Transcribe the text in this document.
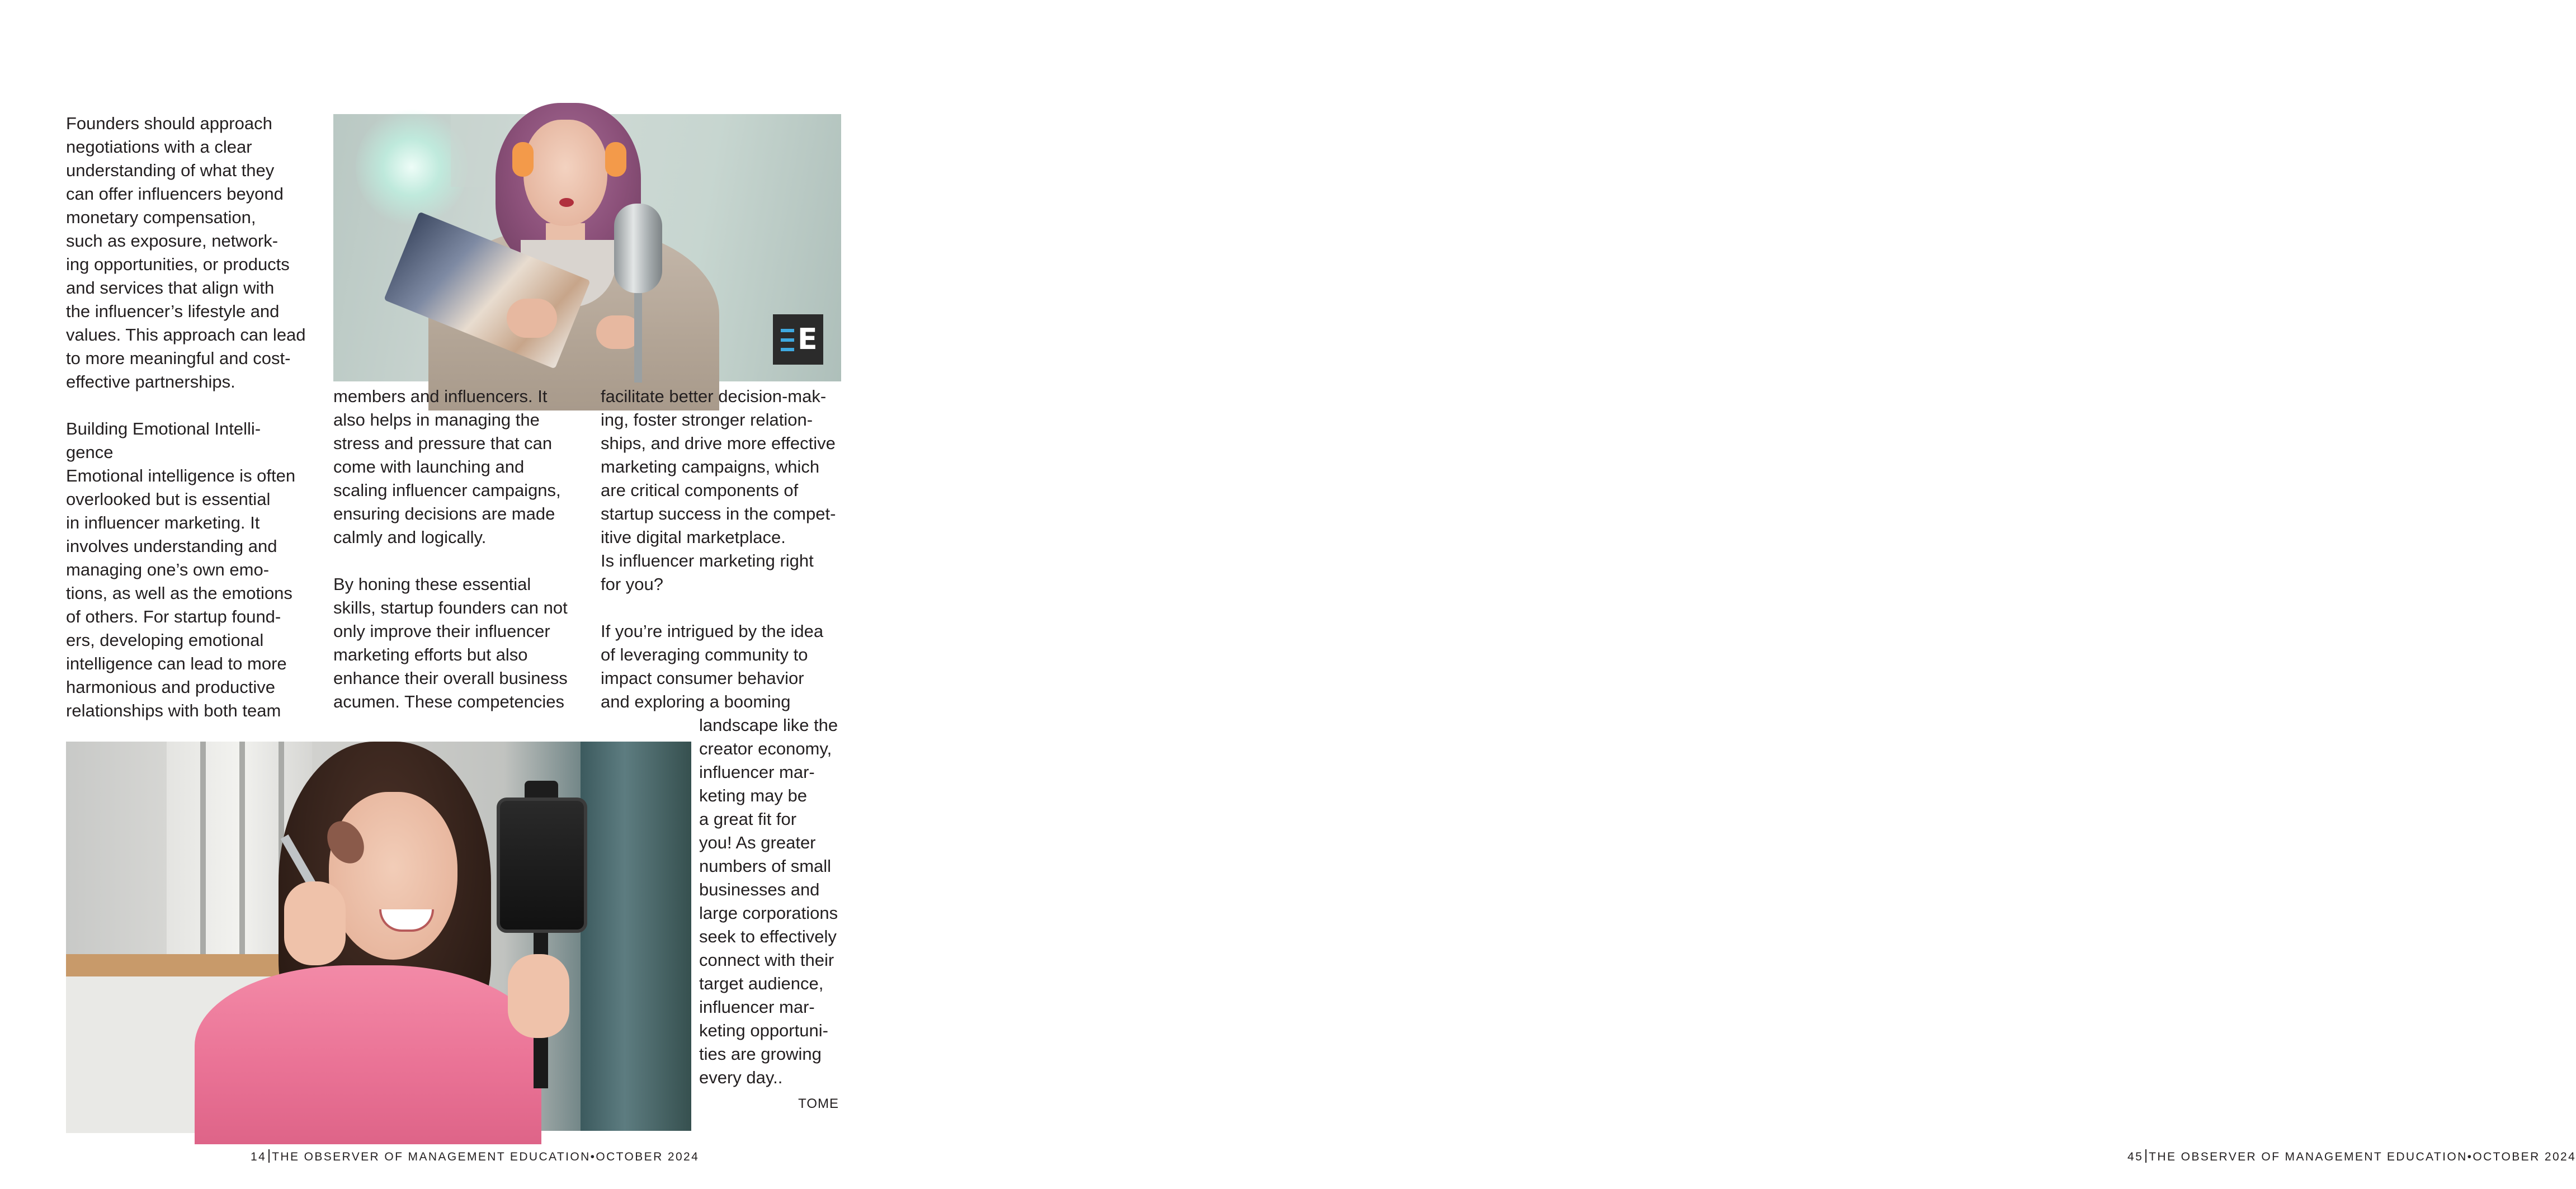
Founders should approach
negotiations with a clear
understanding of what they
can offer influencers beyond
monetary compensation,
such as exposure, network-
ing opportunities, or products
and services that align with
the influencer’s lifestyle and
values. This approach can lead
to more meaningful and cost-
effective partnerships.

Building Emotional Intelli-
gence
Emotional intelligence is often
overlooked but is essential
in influencer marketing. It
involves understanding and
managing one’s own emo-
tions, as well as the emotions
of others. For startup found-
ers, developing emotional
intelligence can lead to more
harmonious and productive
relationships with both team

E

members and influencers. It
also helps in managing the
stress and pressure that can
come with launching and
scaling influencer campaigns,
ensuring decisions are made
calmly and logically.

By honing these essential
skills, startup founders can not
only improve their influencer
marketing efforts but also
enhance their overall business
acumen. These competencies

facilitate better decision-mak-
ing, foster stronger relation-
ships, and drive more effective
marketing campaigns, which
are critical components of
startup success in the compet-
itive digital marketplace.
Is influencer marketing right
for you?

If you’re intrigued by the idea
of leveraging community to
impact consumer behavior
and exploring a booming

landscape like the
creator economy,
influencer mar-
keting may be
a great fit for
you! As greater
numbers of small
businesses and
large corporations
seek to effectively
connect with their
target audience,
influencer mar-
keting opportuni-
ties are growing
every day..

TOME
14 THE OBSERVER OF MANAGEMENT EDUCATION•OCTOBER 2024	45 THE OBSERVER OF MANAGEMENT EDUCATION•OCTOBER 2024
